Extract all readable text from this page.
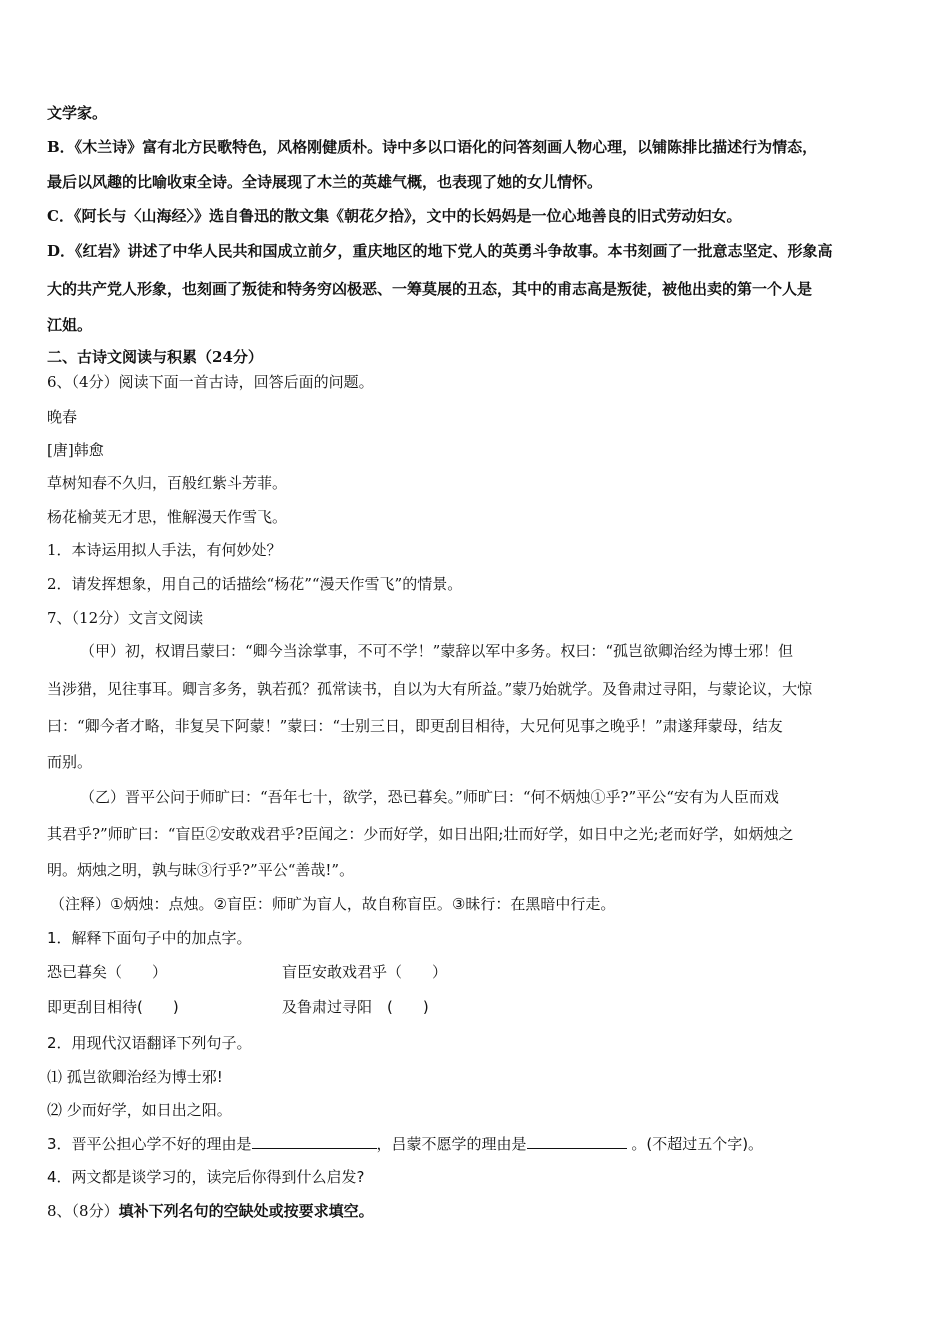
文学家。
B．《木兰诗》富有北方民歌特色，风格刚健质朴。诗中多以口语化的问答刻画人物心理，以铺陈排比描述行为情态，
最后以风趣的比喻收束全诗。全诗展现了木兰的英雄气概，也表现了她的女儿情怀。
C．《阿长与〈山海经〉》选自鲁迅的散文集《朝花夕拾》，文中的长妈妈是一位心地善良的旧式劳动妇女。
D．《红岩》讲述了中华人民共和国成立前夕，重庆地区的地下党人的英勇斗争故事。本书刻画了一批意志坚定、形象高
大的共产党人形象，也刻画了叛徒和特务穷凶极恶、一筹莫展的丑态，其中的甫志高是叛徒，被他出卖的第一个人是
江姐。
二、古诗文阅读与积累（24分）
6、（4分）阅读下面一首古诗，回答后面的问题。
晚春
[唐]韩愈
草树知春不久归，百般红紫斗芳菲。
杨花榆荚无才思，惟解漫天作雪飞。
1．本诗运用拟人手法，有何妙处？
2．请发挥想象，用自己的话描绘“杨花”“漫天作雪飞”的情景。
7、（12分）文言文阅读
（甲）初，权谓吕蒙曰：“卿今当涂掌事，不可不学！”蒙辞以军中多务。权曰：“孤岂欲卿治经为博士邪！但
当涉猎，见往事耳。卿言多务，孰若孤？孤常读书，自以为大有所益。”蒙乃始就学。及鲁肃过寻阳，与蒙论议，大惊
曰：“卿今者才略，非复吴下阿蒙！”蒙曰：“士别三日，即更刮目相待，大兄何见事之晚乎！”肃遂拜蒙母，结友
而别。
（乙）晋平公问于师旷曰：“吾年七十，欲学，恐已暮矣。”师旷曰：“何不炳烛①乎?”平公“安有为人臣而戏
其君乎?”师旷曰：“盲臣②安敢戏君乎?臣闻之：少而好学，如日出阳;壮而好学，如日中之光;老而好学，如炳烛之
明。炳烛之明，孰与昧③行乎?”平公“善哉!”。
（注释）①炳烛：点烛。②盲臣：师旷为盲人，故自称盲臣。③昧行：在黑暗中行走。
1．解释下面句子中的加点字。
恐已暮矣（　　）	盲臣安敢戏君乎（　　）
即更刮目相待(　　)	及鲁肃过寻阳　(　　)
2．用现代汉语翻译下列句子。
⑴ 孤岂欲卿治经为博士邪!
⑵ 少而好学，如日出之阳。
3．晋平公担心学不好的理由是	，吕蒙不愿学的理由是	。(不超过五个字)。
4．两文都是谈学习的，读完后你得到什么启发?
8、（8分）填补下列名句的空缺处或按要求填空。
